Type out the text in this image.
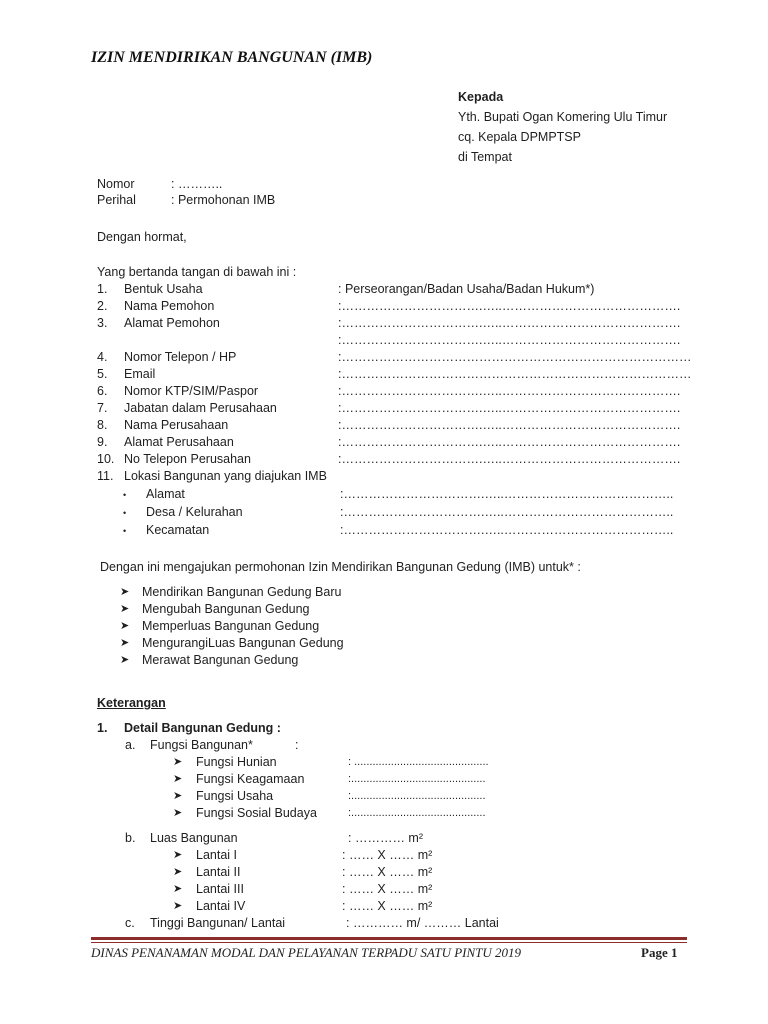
IZIN MENDIRIKAN BANGUNAN (IMB)
Kepada
Yth. Bupati Ogan Komering Ulu Timur
cq. Kepala DPMPTSP
di Tempat
Nomor	: ………..
Perihal	: Permohonan IMB
Dengan hormat,
Yang bertanda tangan di bawah ini :
1. Bentuk Usaha	: Perseorangan/Badan Usaha/Badan Hukum*)
2. Nama Pemohon	:…………………………….…..…………………………………….
3. Alamat Pemohon	:…………………………….…..…………………………………….
:…………………………….…..…………………………………….
4. Nomor Telepon / HP	:…………………………………………………………………………
5. Email	:…………………………………………………………………………
6. Nomor KTP/SIM/Paspor	:…………………………….…..…………………………………….
7. Jabatan dalam Perusahaan	:…………………………….…..…………………………………….
8. Nama Perusahaan	:…………………………….…..…………………………………….
9. Alamat Perusahaan	:…………………………….…..…………………………………….
10. No Telepon Perusahan	:…………………………….…..…………………………………….
11. Lokasi Bangunan yang diajukan IMB
• Alamat	:…………………………….…..…………………………………..
• Desa / Kelurahan	:…………………………….…..…………………………………..
• Kecamatan	:…………………………….…..…………………………………..
Dengan ini mengajukan permohonan Izin Mendirikan Bangunan Gedung (IMB) untuk* :
➤ Mendirikan Bangunan Gedung Baru
➤ Mengubah Bangunan Gedung
➤ Memperluas Bangunan Gedung
➤ MengurangiLuas Bangunan Gedung
➤ Merawat Bangunan Gedung
Keterangan
1. Detail Bangunan Gedung :
a. Fungsi Bangunan*	:
➤ Fungsi Hunian	: ............................................
➤ Fungsi Keagamaan	:............................................
➤ Fungsi Usaha	:............................................
➤ Fungsi Sosial Budaya	:............................................
b. Luas Bangunan	: ………… m²
➤ Lantai I	: …… X …… m²
➤ Lantai II	: …… X …… m²
➤ Lantai III	: …… X …… m²
➤ Lantai IV	: …… X …… m²
c. Tinggi Bangunan/ Lantai	: ………… m/ ……… Lantai
DINAS PENANAMAN MODAL DAN PELAYANAN TERPADU SATU PINTU 2019	Page 1
